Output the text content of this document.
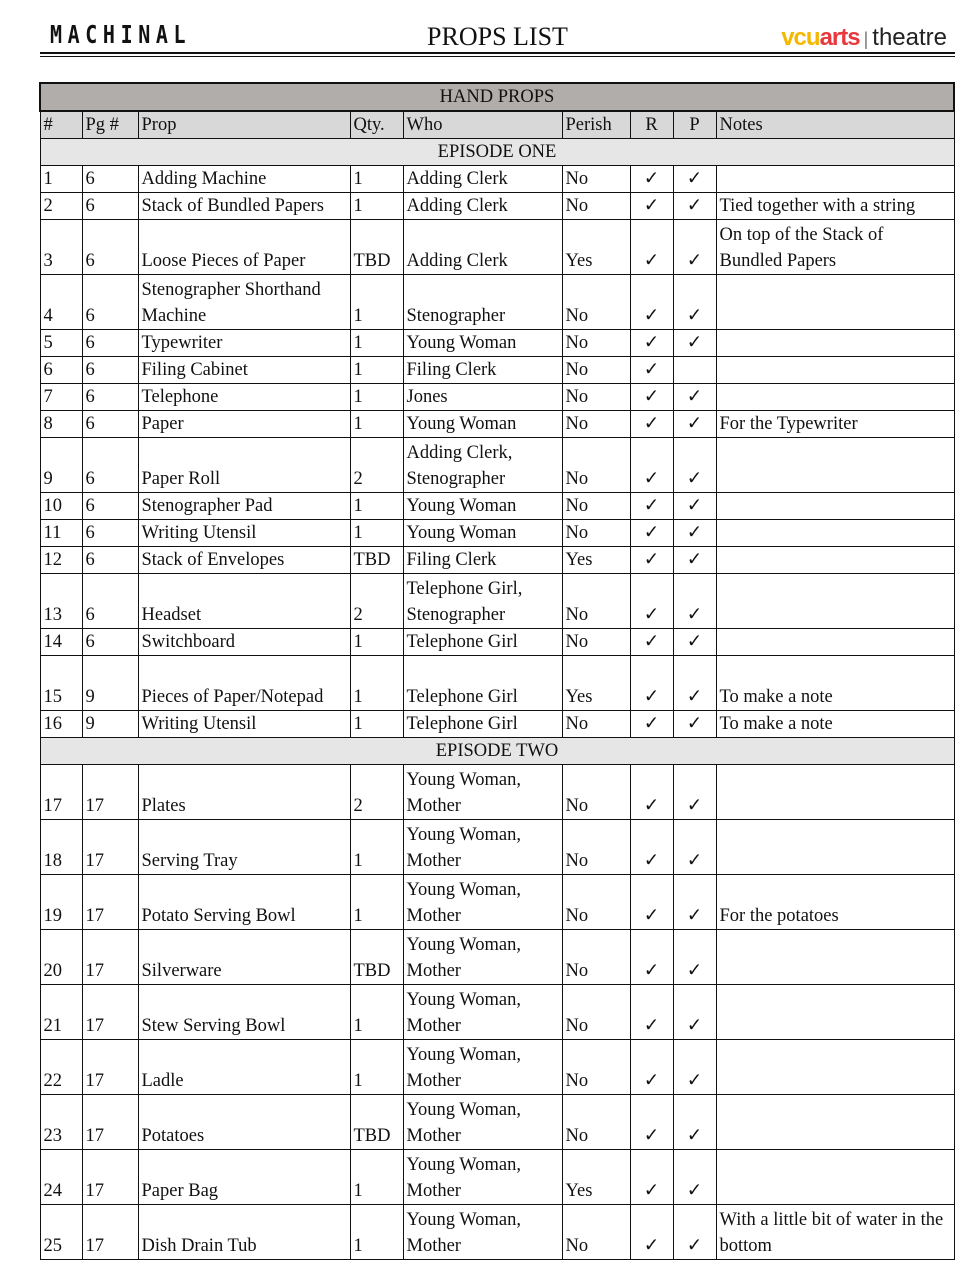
MACHINAL	PROPS LIST	vcuarts | theatre
HAND PROPS								
#	Pg #	Prop	Qty.	Who	Perish	R	P	Notes
EPISODE ONE								
1	6	Adding Machine	1	Adding Clerk	No	✓	✓	
2	6	Stack of Bundled Papers	1	Adding Clerk	No	✓	✓	Tied together with a string
3	6	Loose Pieces of Paper	TBD	Adding Clerk	Yes	✓	✓	On top of the Stack of Bundled Papers
4	6	Stenographer Shorthand Machine	1	Stenographer	No	✓	✓	
5	6	Typewriter	1	Young Woman	No	✓	✓	
6	6	Filing Cabinet	1	Filing Clerk	No	✓		
7	6	Telephone	1	Jones	No	✓	✓	
8	6	Paper	1	Young Woman	No	✓	✓	For the Typewriter
9	6	Paper Roll	2	Adding Clerk, Stenographer	No	✓	✓	
10	6	Stenographer Pad	1	Young Woman	No	✓	✓	
11	6	Writing Utensil	1	Young Woman	No	✓	✓	
12	6	Stack of Envelopes	TBD	Filing Clerk	Yes	✓	✓	
13	6	Headset	2	Telephone Girl, Stenographer	No	✓	✓	
14	6	Switchboard	1	Telephone Girl	No	✓	✓	
15	9	Pieces of Paper/Notepad	1	Telephone Girl	Yes	✓	✓	To make a note
16	9	Writing Utensil	1	Telephone Girl	No	✓	✓	To make a note
EPISODE TWO								
17	17	Plates	2	Young Woman, Mother	No	✓	✓	
18	17	Serving Tray	1	Young Woman, Mother	No	✓	✓	
19	17	Potato Serving Bowl	1	Young Woman, Mother	No	✓	✓	For the potatoes
20	17	Silverware	TBD	Young Woman, Mother	No	✓	✓	
21	17	Stew Serving Bowl	1	Young Woman, Mother	No	✓	✓	
22	17	Ladle	1	Young Woman, Mother	No	✓	✓	
23	17	Potatoes	TBD	Young Woman, Mother	No	✓	✓	
24	17	Paper Bag	1	Young Woman, Mother	Yes	✓	✓	
25	17	Dish Drain Tub	1	Young Woman, Mother	No	✓	✓	With a little bit of water in the bottom
